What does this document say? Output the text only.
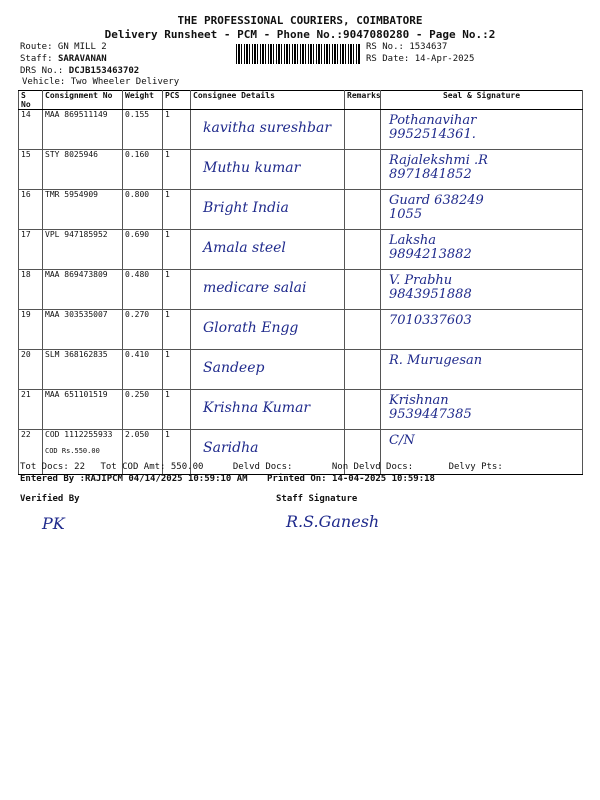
THE PROFESSIONAL COURIERS, COIMBATORE
Delivery Runsheet - PCM - Phone No.:9047080280 - Page No.:2
Route: GN MILL 2
Staff: SARAVANAN
DRS No.: DCJB153463702
Vehicle: Two Wheeler Delivery
RS No.: 1534637
RS Date: 14-Apr-2025
S No	Consignment No	Weight	PCS	Consignee Details	Remarks	Seal & Signature
14	MAA 869511149	0.155	1	kavitha sureshbar		Pothanavihar
9952514361.

15	STY 8025946	0.160	1	Muthu kumar		Rajalekshmi .R
8971841852

16	TMR 5954909	0.800	1	Bright India		Guard 638249
1055

17	VPL 947185952	0.690	1	Amala steel		Laksha
9894213882

18	MAA 869473809	0.480	1	medicare salai		V. Prabhu
9843951888

19	MAA 303535007	0.270	1	Glorath Engg		7010337603

20	SLM 368162835	0.410	1	Sandeep		R. Murugesan

21	MAA 651101519	0.250	1	Krishna Kumar		Krishnan
9539447385

22	COD 1112255933
COD Rs.550.00	2.050	1	Saridha		C/N
Tot Docs: 22 Tot COD Amt: 550.00	Delvd Docs:	Non Delvd Docs:	Delvy Pts:
Entered By :RAJIPCM 04/14/2025 10:59:10 AM Printed On: 14-04-2025 10:59:18
Verified By	Staff Signature
PK	R.S.Ganesh
